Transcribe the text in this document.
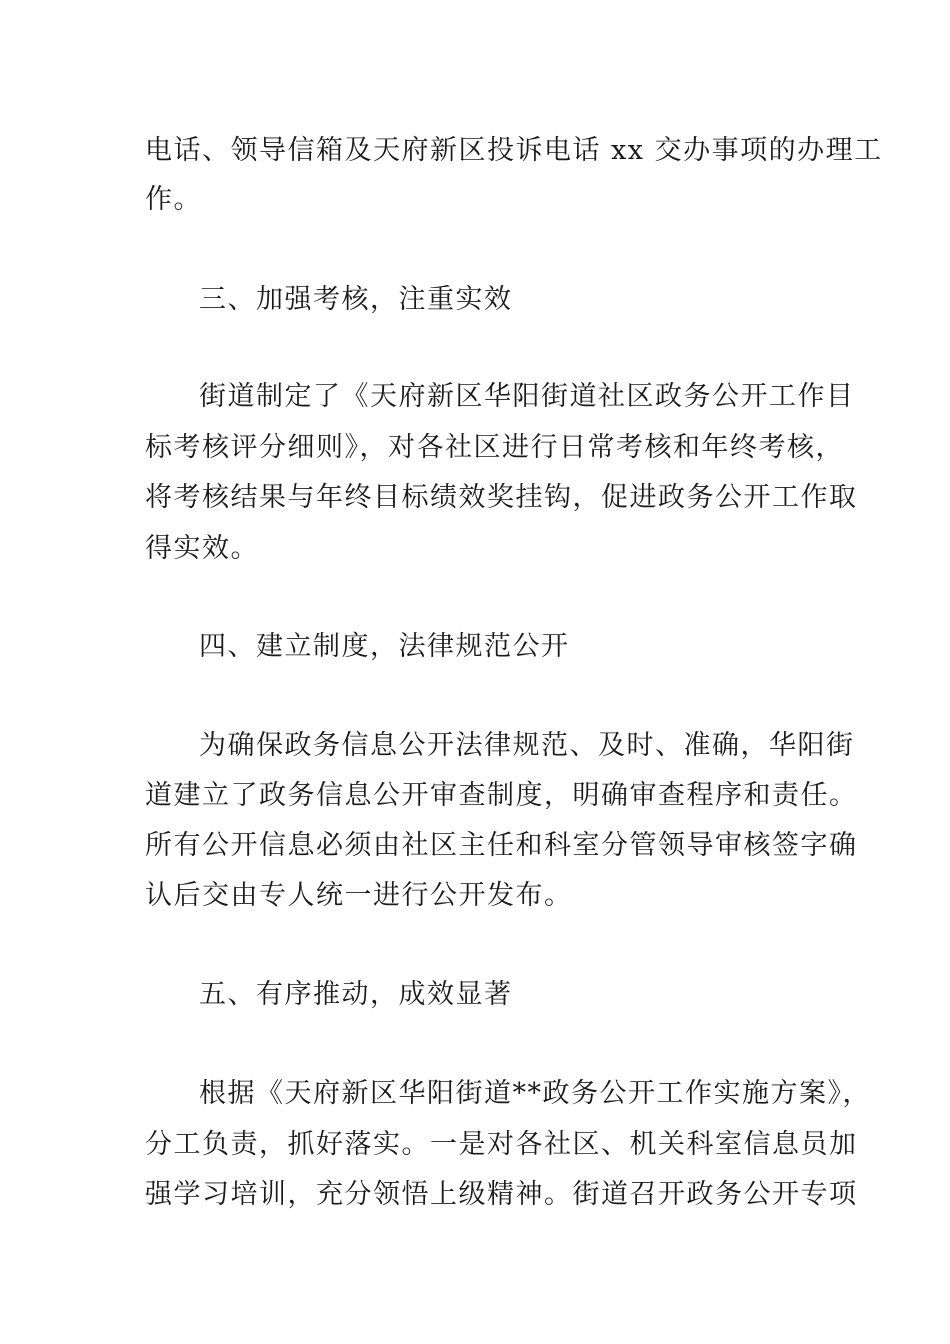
电话、领导信箱及天府新区投诉电话 xx 交办事项的办理工
作。
三、加强考核，注重实效
街道制定了《天府新区华阳街道社区政务公开工作目
标考核评分细则》，对各社区进行日常考核和年终考核，
将考核结果与年终目标绩效奖挂钩，促进政务公开工作取
得实效。
四、建立制度，法律规范公开
为确保政务信息公开法律规范、及时、准确，华阳街
道建立了政务信息公开审查制度，明确审查程序和责任。
所有公开信息必须由社区主任和科室分管领导审核签字确
认后交由专人统一进行公开发布。
五、有序推动，成效显著
根据《天府新区华阳街道**政务公开工作实施方案》，
分工负责，抓好落实。一是对各社区、机关科室信息员加
强学习培训，充分领悟上级精神。街道召开政务公开专项
